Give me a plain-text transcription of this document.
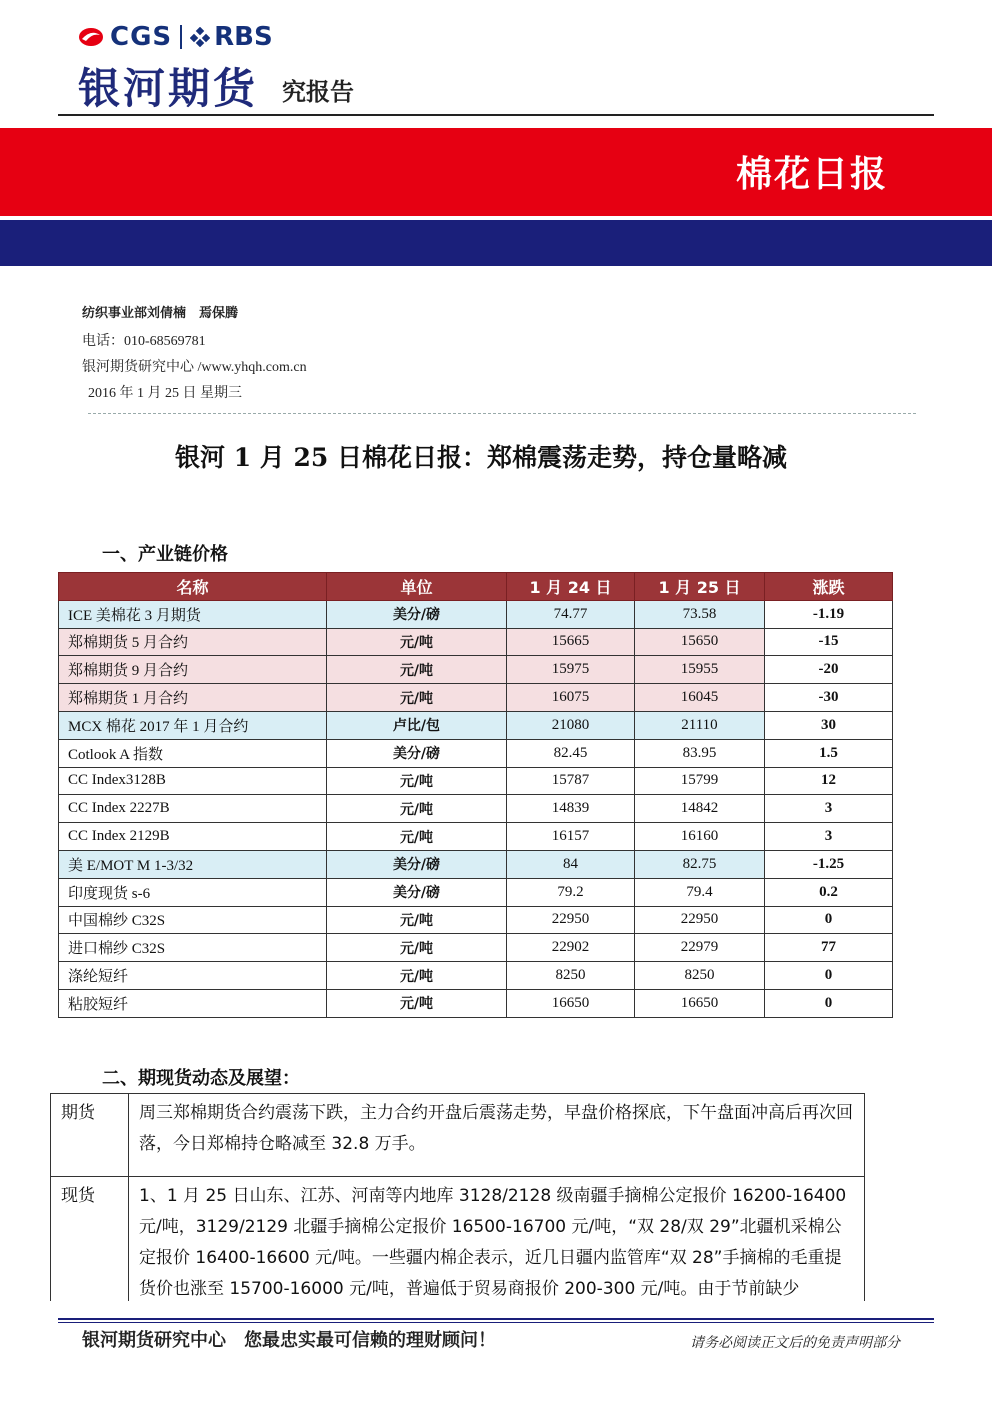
CGS RBS
银河期货 究报告
棉花日报
纺织事业部刘倩楠　焉保腾
电话：010-68569781
银河期货研究中心 /www.yhqh.com.cn
2016 年 1 月 25 日 星期三
银河 1 月 25 日棉花日报：郑棉震荡走势，持仓量略减
一、产业链价格
名称	单位	1 月 24 日	1 月 25 日	涨跌
ICE 美棉花 3 月期货	美分/磅	74.77	73.58	-1.19
郑棉期货 5 月合约	元/吨	15665	15650	-15
郑棉期货 9 月合约	元/吨	15975	15955	-20
郑棉期货 1 月合约	元/吨	16075	16045	-30
MCX 棉花 2017 年 1 月合约	卢比/包	21080	21110	30
Cotlook A 指数	美分/磅	82.45	83.95	1.5
CC Index3128B	元/吨	15787	15799	12
CC Index 2227B	元/吨	14839	14842	3
CC Index 2129B	元/吨	16157	16160	3
美 E/MOT M 1-3/32	美分/磅	84	82.75	-1.25
印度现货 s-6	美分/磅	79.2	79.4	0.2
中国棉纱 C32S	元/吨	22950	22950	0
进口棉纱 C32S	元/吨	22902	22979	77
涤纶短纤	元/吨	8250	8250	0
粘胶短纤	元/吨	16650	16650	0
二、期现货动态及展望：
期货	周三郑棉期货合约震荡下跌，主力合约开盘后震荡走势，早盘价格探底，下午盘面冲高后再次回落，今日郑棉持仓略减至 32.8 万手。
现货	1、1 月 25 日山东、江苏、河南等内地库 3128/2128 级南疆手摘棉公定报价 16200-16400 元/吨，3129/2129 北疆手摘棉公定报价 16500-16700 元/吨，“双 28/双 29”北疆机采棉公定报价 16400-16600 元/吨。一些疆内棉企表示，近几日疆内监管库“双 28”手摘棉的毛重提货价也涨至 15700-16000 元/吨，普遍低于贸易商报价 200-300 元/吨。由于节前缺少
银河期货研究中心　您最忠实最可信赖的理财顾问！	请务必阅读正文后的免责声明部分
